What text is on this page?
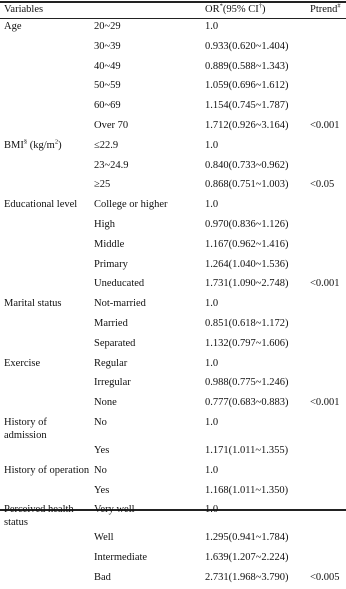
Variables		OR*(95% CI†)	Ptrend#
Age	20~29	1.0	
	30~39	0.933(0.620~1.404)	
	40~49	0.889(0.588~1.343)	
	50~59	1.059(0.696~1.612)	
	60~69	1.154(0.745~1.787)	
	Over 70	1.712(0.926~3.164)	<0.001
BMI§ $(kg/m^2)$	≤22.9	1.0	
	23~24.9	0.840(0.733~0.962)	
	≥25	0.868(0.751~1.003)	<0.05
Educational level	College or higher	1.0	
	High	0.970(0.836~1.126)	
	Middle	1.167(0.962~1.416)	
	Primary	1.264(1.040~1.536)	
	Uneducated	1.731(1.090~2.748)	<0.001
Marital status	Not-married	1.0	
	Married	0.851(0.618~1.172)	
	Separated	1.132(0.797~1.606)	
Exercise	Regular	1.0	
	Irregular	0.988(0.775~1.246)	
	None	0.777(0.683~0.883)	<0.001
History of admission	No	1.0	
	Yes	1.171(1.011~1.355)	
History of operation	No	1.0	
	Yes	1.168(1.011~1.350)	
Perceived health status	Very well	1.0	
	Well	1.295(0.941~1.784)	
	Intermediate	1.639(1.207~2.224)	
	Bad	2.731(1.968~3.790)	<0.005
